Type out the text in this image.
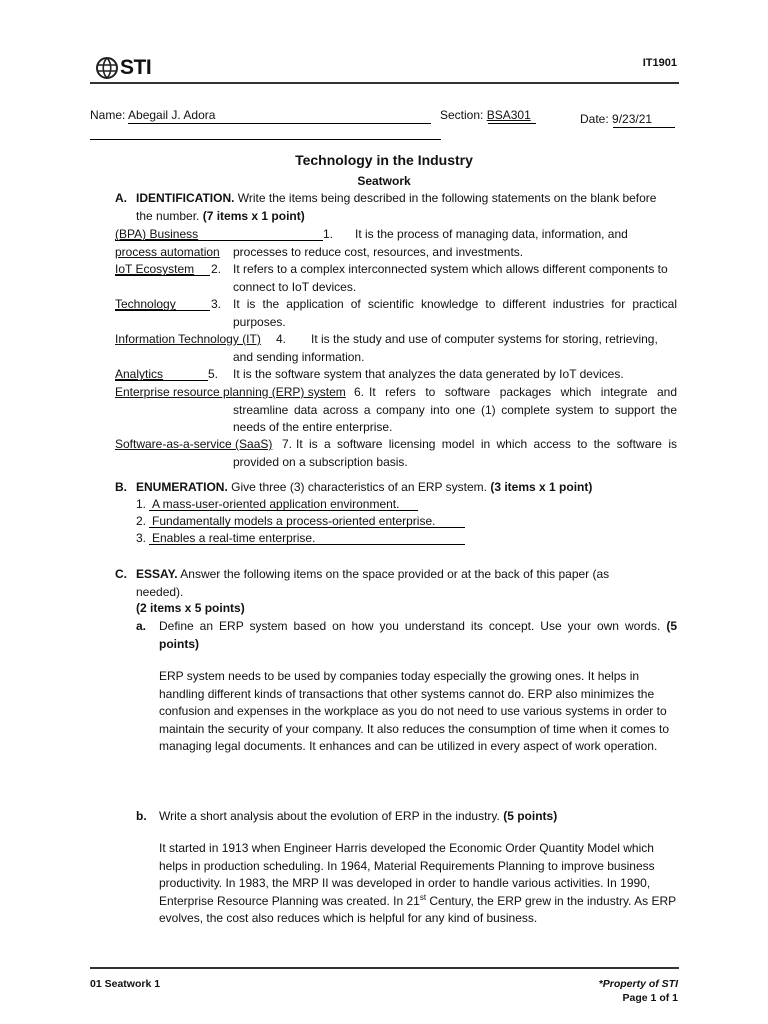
STI	IT1901
Name: Abegail J. Adora	Section: BSA301	Date: 9/23/21
Technology in the Industry
Seatwork
A. IDENTIFICATION. Write the items being described in the following statements on the blank before the number. (7 items x 1 point)
(BPA) Business process automation
1.	It is the process of managing data, information, and processes to reduce cost, resources, and investments.
IoT Ecosystem 2. It refers to a complex interconnected system which allows different components to connect to IoT devices.
Technology	3. It is the application of scientific knowledge to different industries for practical purposes.
Information Technology (IT) 4.	It is the study and use of computer systems for storing, retrieving, and sending information.
Analytics	5. It is the software system that analyzes the data generated by IoT devices.
Enterprise resource planning (ERP) system 6. It refers to software packages which integrate and streamline data across a company into one (1) complete system to support the needs of the entire enterprise.
Software-as-a-service (SaaS) 7. It is a software licensing model in which access to the software is provided on a subscription basis.
B. ENUMERATION. Give three (3) characteristics of an ERP system. (3 items x 1 point)
1. A mass-user-oriented application environment.
2. Fundamentally models a process-oriented enterprise.
3. Enables a real-time enterprise.
C. ESSAY. Answer the following items on the space provided or at the back of this paper (as needed).
(2 items x 5 points)
a. Define an ERP system based on how you understand its concept. Use your own words. (5 points)
ERP system needs to be used by companies today especially the growing ones. It helps in handling different kinds of transactions that other systems cannot do. ERP also minimizes the confusion and expenses in the workplace as you do not need to use various systems in order to maintain the security of your company. It also reduces the consumption of time when it comes to managing legal documents. It enhances and can be utilized in every aspect of work operation.
b. Write a short analysis about the evolution of ERP in the industry. (5 points)
It started in 1913 when Engineer Harris developed the Economic Order Quantity Model which helps in production scheduling. In 1964, Material Requirements Planning to improve business productivity. In 1983, the MRP II was developed in order to handle various activities. In 1990, Enterprise Resource Planning was created. In 21st Century, the ERP grew in the industry. As ERP evolves, the cost also reduces which is helpful for any kind of business.
01 Seatwork 1	*Property of STI
Page 1 of 1
